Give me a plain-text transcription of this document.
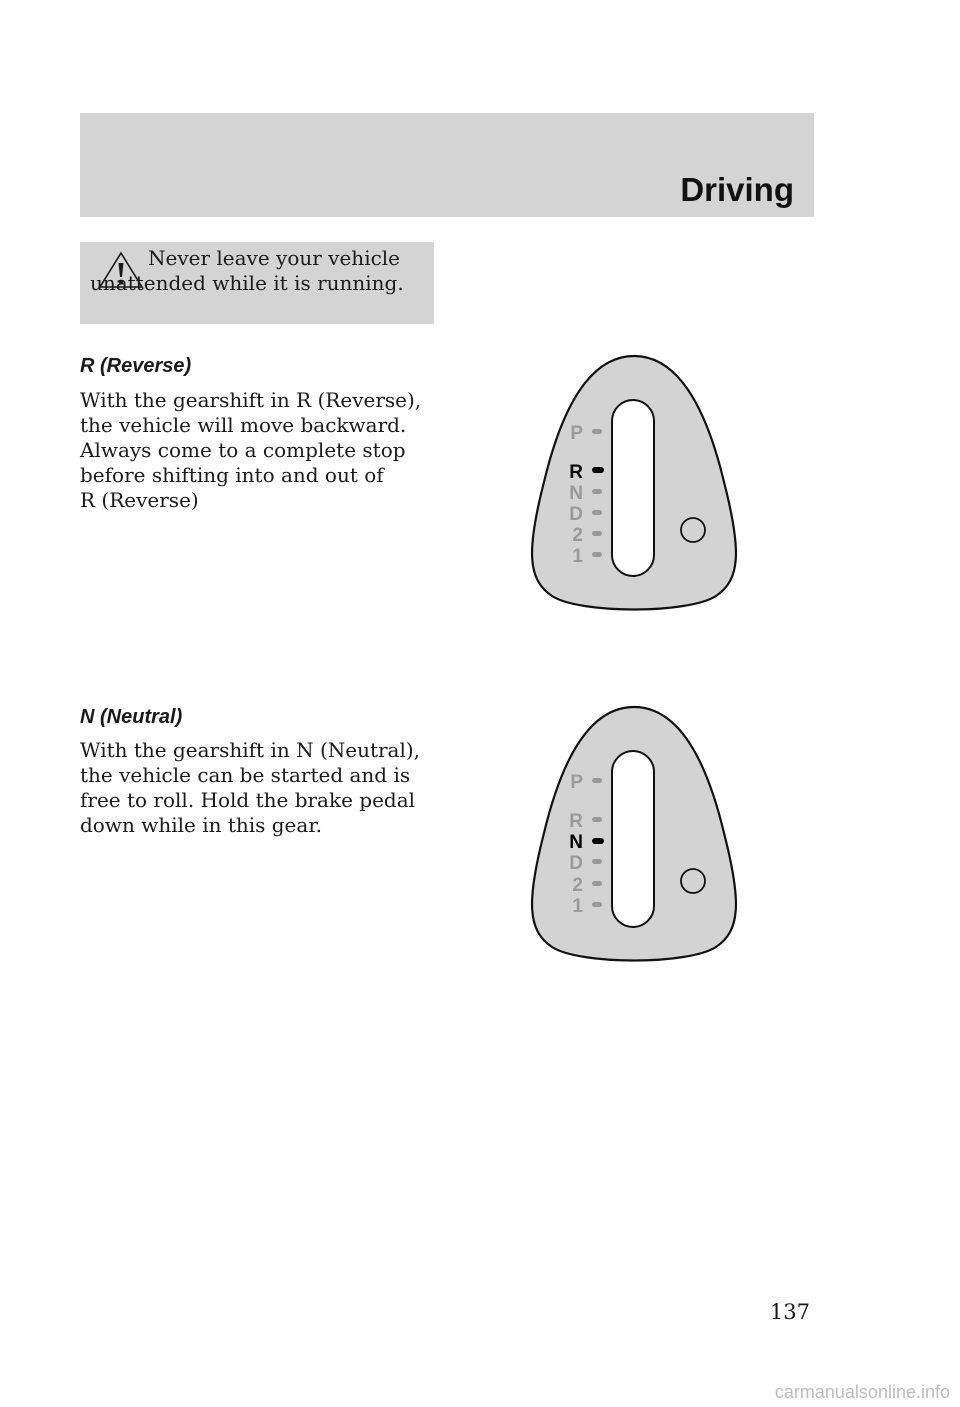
Driving
Never leave your vehicle unattended while it is running.
R (Reverse)
With the gearshift in R (Reverse),
the vehicle will move backward.
Always come to a complete stop
before shifting into and out of
R (Reverse)
P
R
N
D
2
1
N (Neutral)
With the gearshift in N (Neutral),
the vehicle can be started and is
free to roll. Hold the brake pedal
down while in this gear.
P
R
N
D
2
1
137
carmanualsonline.info
